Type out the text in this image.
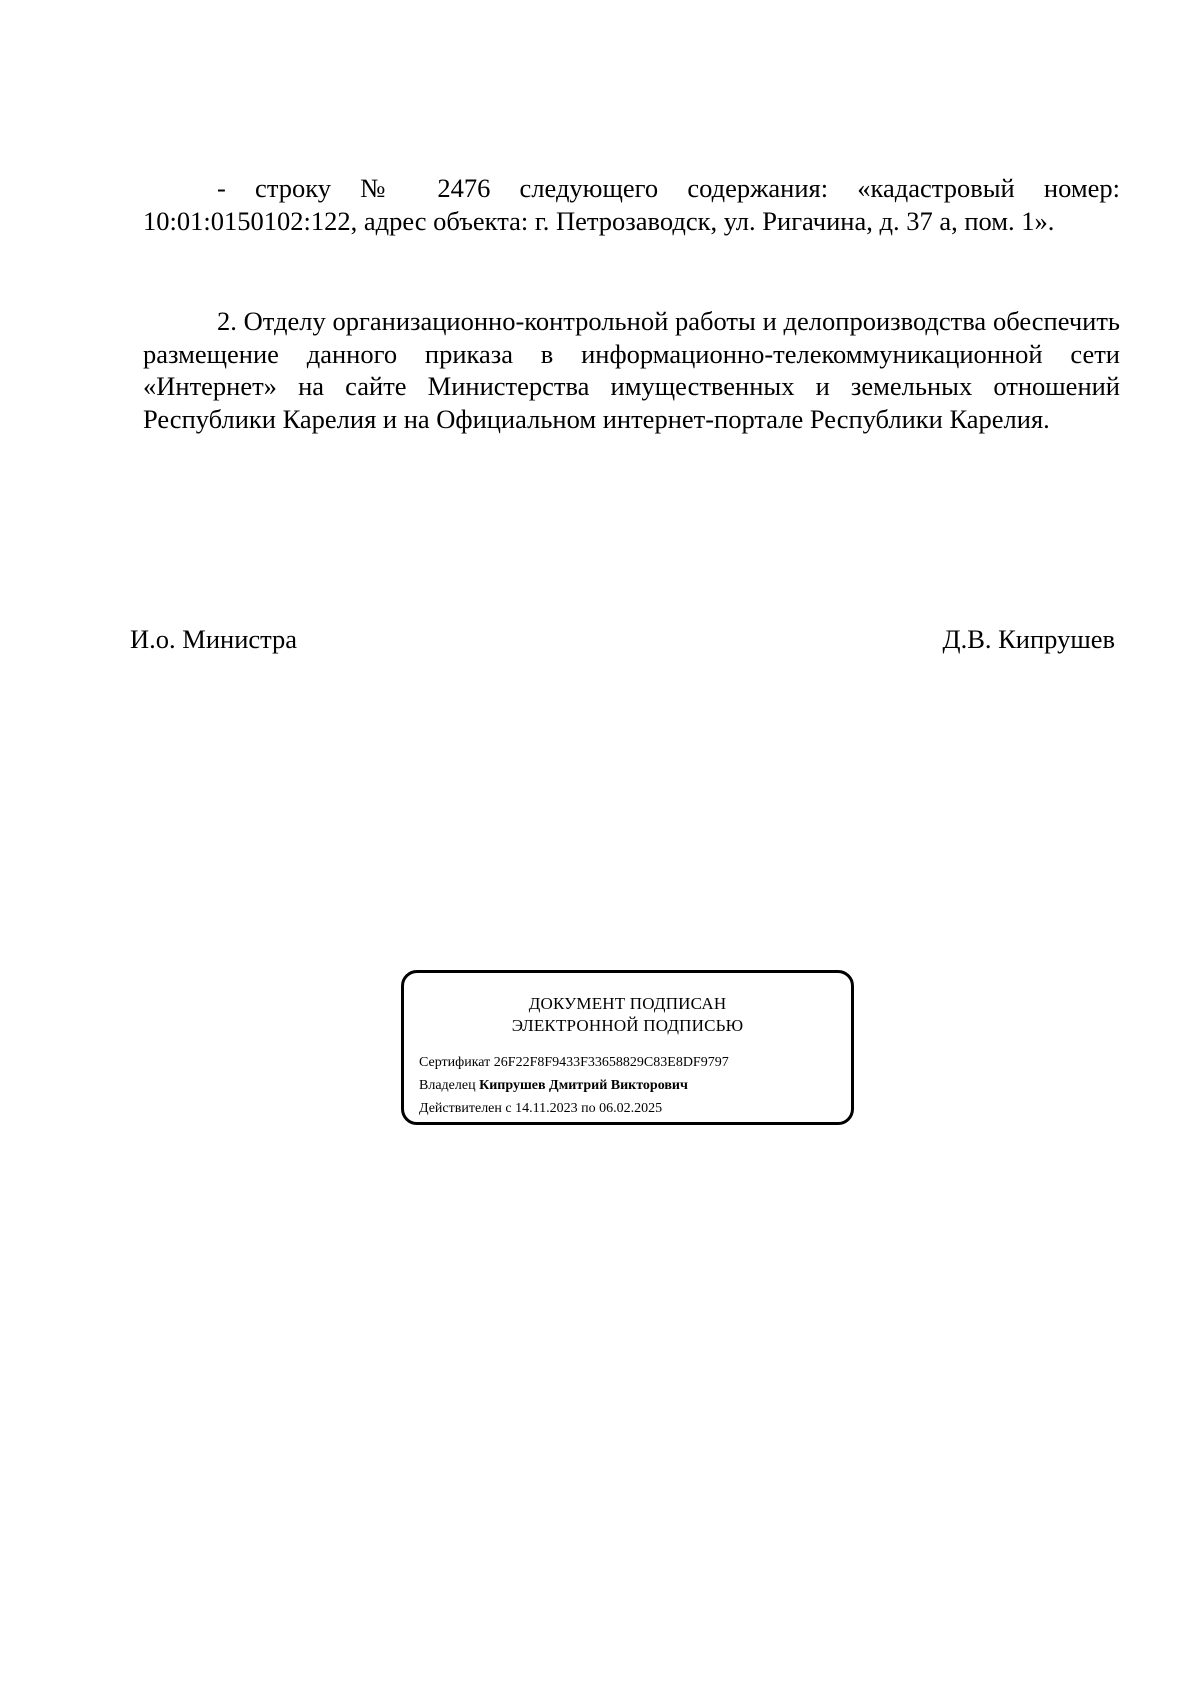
- строку № 2476 следующего содержания: «кадастровый номер: 10:01:0150102:122, адрес объекта: г. Петрозаводск, ул. Ригачина, д. 37 а, пом. 1».

2. Отделу организационно-контрольной работы и делопроизводства обеспечить размещение данного приказа в информационно-телекоммуникационной сети «Интернет» на сайте Министерства имущественных и земельных отношений Республики Карелия и на Официальном интернет-портале Республики Карелия.

И.о. Министра	Д.В. Кипрушев
ДОКУМЕНТ ПОДПИСАН
ЭЛЕКТРОННОЙ ПОДПИСЬЮ
Сертификат 26F22F8F9433F33658829C83E8DF9797
Владелец Кипрушев Дмитрий Викторович
Действителен с 14.11.2023 по 06.02.2025
